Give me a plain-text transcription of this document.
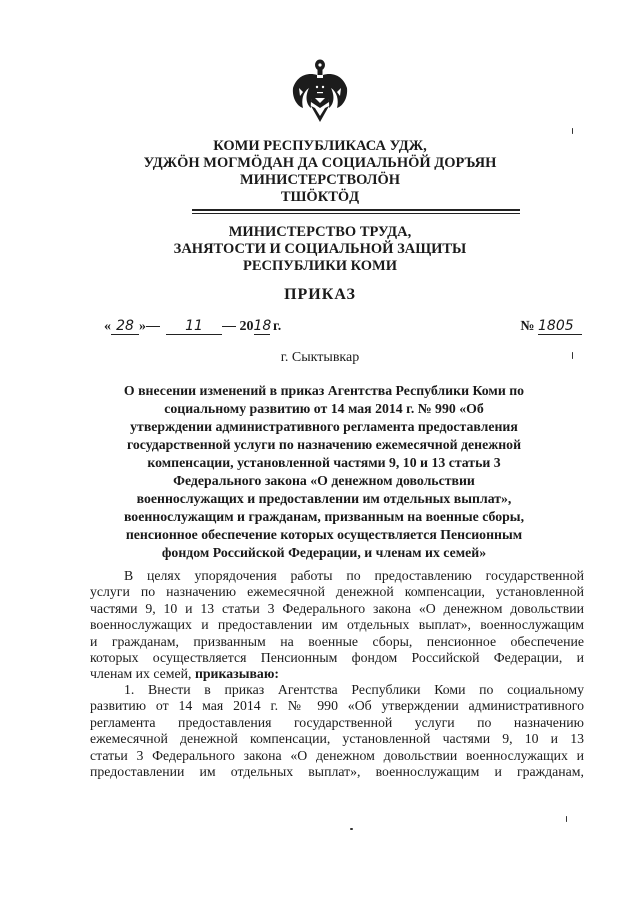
КОМИ РЕСПУБЛИКАСА УДЖ,
УДЖӦН МОГМӦДАН ДА СОЦИАЛЬНӦЙ ДОРЪЯН
МИНИСТЕРСТВОЛӦН
ТШӦКТӦД
МИНИСТЕРСТВО ТРУДА,
ЗАНЯТОСТИ И СОЦИАЛЬНОЙ ЗАЩИТЫ
РЕСПУБЛИКИ КОМИ
ПРИКАЗ
« 28 »	11	2018 г.	№ 1805
г. Сыктывкар
О внесении изменений в приказ Агентства Республики Коми по
социальному развитию от 14 мая 2014 г. № 990 «Об
утверждении административного регламента предоставления
государственной услуги по назначению ежемесячной денежной
компенсации, установленной частями 9, 10 и 13 статьи 3
Федерального закона «О денежном довольствии
военнослужащих и предоставлении им отдельных выплат»,
военнослужащим и гражданам, призванным на военные сборы,
пенсионное обеспечение которых осуществляется Пенсионным
фондом Российской Федерации, и членам их семей»
В целях упорядочения работы по предоставлению государственной
услуги по назначению ежемесячной денежной компенсации, установленной
частями 9, 10 и 13 статьи 3 Федерального закона «О денежном довольствии
военнослужащих и предоставлении им отдельных выплат», военнослужащим
и гражданам, призванным на военные сборы, пенсионное обеспечение
которых осуществляется Пенсионным фондом Российской Федерации, и
членам их семей, приказываю:
1. Внести в приказ Агентства Республики Коми по социальному
развитию от 14 мая 2014 г. № 990 «Об утверждении административного
регламента предоставления государственной услуги по назначению
ежемесячной денежной компенсации, установленной частями 9, 10 и 13
статьи 3 Федерального закона «О денежном довольствии военнослужащих и
предоставлении им отдельных выплат», военнослужащим и гражданам,
